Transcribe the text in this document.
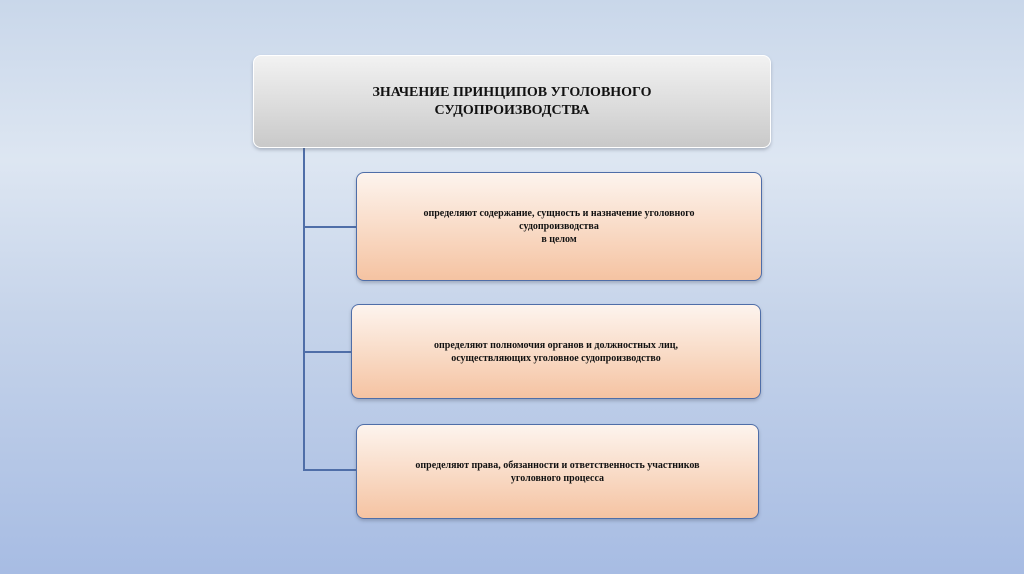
ЗНАЧЕНИЕ ПРИНЦИПОВ УГОЛОВНОГО СУДОПРОИЗВОДСТВА
определяют содержание, сущность и назначение уголовного
судопроизводства
в целом
определяют полномочия органов и должностных лиц,
осуществляющих уголовное судопроизводство
определяют права, обязанности и ответственность участников
уголовного процесса
